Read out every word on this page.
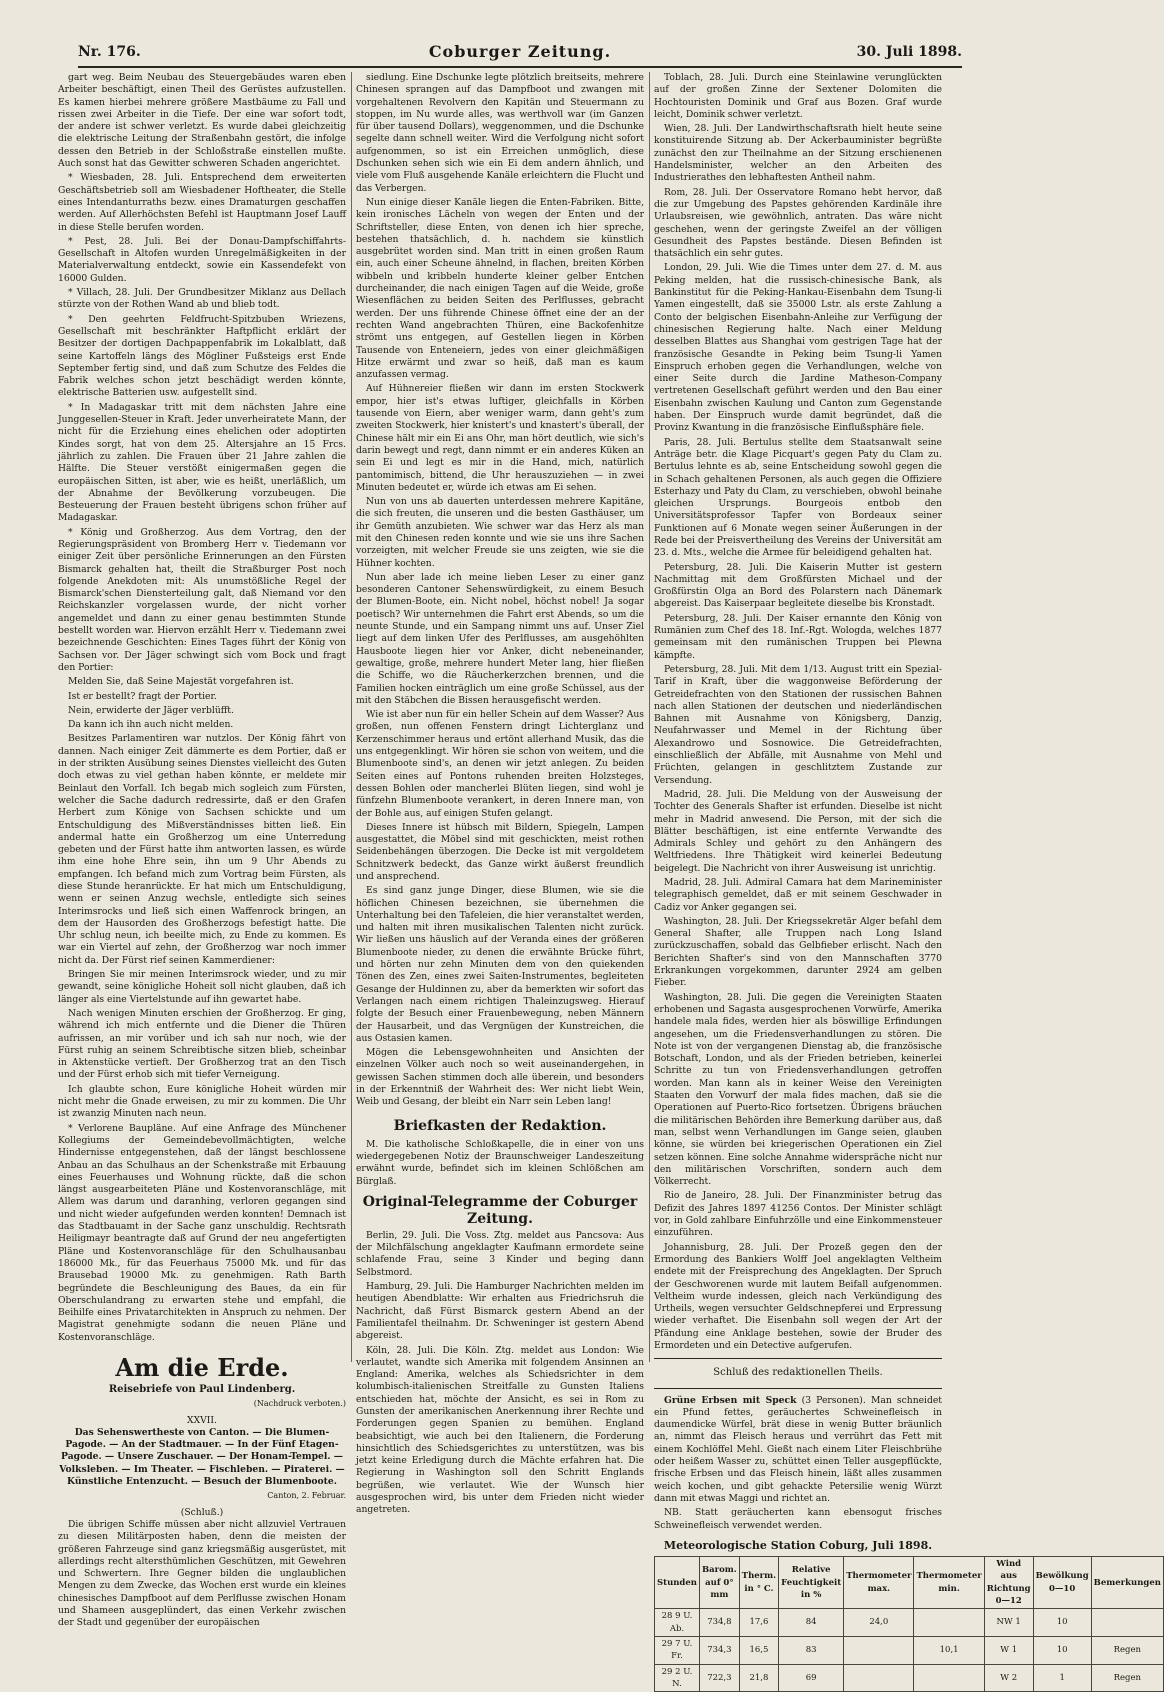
Nr. 176.	Coburger Zeitung.	30. Juli 1898.

gart weg. Beim Neubau des Steuergebäudes waren eben Arbeiter beschäftigt, einen Theil des Gerüstes aufzustellen. Es kamen hierbei mehrere größere Mastbäume zu Fall und rissen zwei Arbeiter in die Tiefe. Der eine war sofort todt, der andere ist schwer verletzt. Es wurde dabei gleichzeitig die elektrische Leitung der Straßenbahn gestört, die infolge dessen den Betrieb in der Schloßstraße einstellen mußte. Auch sonst hat das Gewitter schweren Schaden angerichtet.

* Wiesbaden, 28. Juli. Entsprechend dem erweiterten Geschäftsbetrieb soll am Wiesbadener Hoftheater, die Stelle eines Intendanturraths bezw. eines Dramaturgen geschaffen werden. Auf Allerhöchsten Befehl ist Hauptmann Josef Lauff in diese Stelle berufen worden.

* Pest, 28. Juli. Bei der Donau-Dampfschiffahrts-Gesellschaft in Altofen wurden Unregelmäßigkeiten in der Materialverwaltung entdeckt, sowie ein Kassendefekt von 16000 Gulden.

* Villach, 28. Juli. Der Grundbesitzer Miklanz aus Dellach stürzte von der Rothen Wand ab und blieb todt.

* Den geehrten Feldfrucht-Spitzbuben Wriezens, Gesellschaft mit beschränkter Haftpflicht erklärt der Besitzer der dortigen Dachpappenfabrik im Lokalblatt, daß seine Kartoffeln längs des Mögliner Fußsteigs erst Ende September fertig sind, und daß zum Schutze des Feldes die Fabrik welches schon jetzt beschädigt werden könnte, elektrische Batterien usw. aufgestellt sind.

* In Madagaskar tritt mit dem nächsten Jahre eine Junggesellen-Steuer in Kraft. Jeder unverheiratete Mann, der nicht für die Erziehung eines ehelichen oder adoptirten Kindes sorgt, hat von dem 25. Altersjahre an 15 Frcs. jährlich zu zahlen. Die Frauen über 21 Jahre zahlen die Hälfte. Die Steuer verstößt einigermaßen gegen die europäischen Sitten, ist aber, wie es heißt, unerläßlich, um der Abnahme der Bevölkerung vorzubeugen. Die Besteuerung der Frauen besteht übrigens schon früher auf Madagaskar.

* König und Großherzog. Aus dem Vortrag, den der Regierungspräsident von Bromberg Herr v. Tiedemann vor einiger Zeit über persönliche Erinnerungen an den Fürsten Bismarck gehalten hat, theilt die Straßburger Post noch folgende Anekdoten mit: Als unumstößliche Regel der Bismarck'schen Diensterteilung galt, daß Niemand vor den Reichskanzler vorgelassen wurde, der nicht vorher angemeldet und dann zu einer genau bestimmten Stunde bestellt worden war. Hiervon erzählt Herr v. Tiedemann zwei bezeichnende Geschichten: Eines Tages führt der König von Sachsen vor. Der Jäger schwingt sich vom Bock und fragt den Portier:

Melden Sie, daß Seine Majestät vorgefahren ist.

Ist er bestellt? fragt der Portier.

Nein, erwiderte der Jäger verblüfft.

Da kann ich ihn auch nicht melden.

Besitzes Parlamentiren war nutzlos. Der König fährt von dannen. Nach einiger Zeit dämmerte es dem Portier, daß er in der strikten Ausübung seines Dienstes vielleicht des Guten doch etwas zu viel gethan haben könnte, er meldete mir Beinlaut den Vorfall. Ich begab mich sogleich zum Fürsten, welcher die Sache dadurch redressirte, daß er den Grafen Herbert zum Könige von Sachsen schickte und um Entschuldigung des Mißverständnisses bitten ließ. Ein andermal hatte ein Großherzog um eine Unterredung gebeten und der Fürst hatte ihm antworten lassen, es würde ihm eine hohe Ehre sein, ihn um 9 Uhr Abends zu empfangen. Ich befand mich zum Vortrag beim Fürsten, als diese Stunde heranrückte. Er hat mich um Entschuldigung, wenn er seinen Anzug wechsle, entledigte sich seines Interimsrocks und ließ sich einen Waffenrock bringen, an dem der Hausorden des Großherzogs befestigt hatte. Die Uhr schlug neun, ich beeilte mich, zu Ende zu kommen. Es war ein Viertel auf zehn, der Großherzog war noch immer nicht da. Der Fürst rief seinen Kammerdiener:

Bringen Sie mir meinen Interimsrock wieder, und zu mir gewandt, seine königliche Hoheit soll nicht glauben, daß ich länger als eine Viertelstunde auf ihn gewartet habe.

Nach wenigen Minuten erschien der Großherzog. Er ging, während ich mich entfernte und die Diener die Thüren aufrissen, an mir vorüber und ich sah nur noch, wie der Fürst ruhig an seinem Schreibtische sitzen blieb, scheinbar in Aktenstücke vertieft. Der Großherzog trat an den Tisch und der Fürst erhob sich mit tiefer Verneigung.

Ich glaubte schon, Eure königliche Hoheit würden mir nicht mehr die Gnade erweisen, zu mir zu kommen. Die Uhr ist zwanzig Minuten nach neun.

* Verlorene Baupläne. Auf eine Anfrage des Münchener Kollegiums der Gemeindebevollmächtigten, welche Hindernisse entgegenstehen, daß der längst beschlossene Anbau an das Schulhaus an der Schenkstraße mit Erbauung eines Feuerhauses und Wohnung rückte, daß die schon längst ausgearbeiteten Pläne und Kostenvoranschläge, mit Allem was darum und daranhing, verloren gegangen sind und nicht wieder aufgefunden werden konnten! Demnach ist das Stadtbauamt in der Sache ganz unschuldig. Rechtsrath Heiligmayr beantragte daß auf Grund der neu angefertigten Pläne und Kostenvoranschläge für den Schulhausanbau 186000 Mk., für das Feuerhaus 75000 Mk. und für das Brausebad 19000 Mk. zu genehmigen. Rath Barth begründete die Beschleunigung des Baues, da ein für Oberschulandrang zu erwarten stehe und empfahl, die Beihilfe eines Privatarchitekten in Anspruch zu nehmen. Der Magistrat genehmigte sodann die neuen Pläne und Kostenvoranschläge.

Am die Erde.
Reisebriefe von Paul Lindenberg.
(Nachdruck verboten.)
XXVII.

Das Sehenswertheste von Canton. — Die Blumen-Pagode. — An der Stadtmauer. — In der Fünf Etagen-Pagode. — Unsere Zuschauer. — Der Honam-Tempel. — Volksleben. — Im Theater. — Fischleben. — Piraterei. — Künstliche Entenzucht. — Besuch der Blumenboote.

Canton, 2. Februar.
(Schluß.)

Die übrigen Schiffe müssen aber nicht allzuviel Vertrauen zu diesen Militärposten haben, denn die meisten der größeren Fahrzeuge sind ganz kriegsmäßig ausgerüstet, mit allerdings recht altersthümlichen Geschützen, mit Gewehren und Schwertern. Ihre Gegner bilden die unglaublichen Mengen zu dem Zwecke, das Wochen erst wurde ein kleines chinesisches Dampfboot auf dem Perlflusse zwischen Honam und Shameen ausgeplündert, das einen Verkehr zwischen der Stadt und gegenüber der europäischen

siedlung. Eine Dschunke legte plötzlich breitseits, mehrere Chinesen sprangen auf das Dampfboot und zwangen mit vorgehaltenen Revolvern den Kapitän und Steuermann zu stoppen, im Nu wurde alles, was werthvoll war (im Ganzen für über tausend Dollars), weggenommen, und die Dschunke segelte dann schnell weiter. Wird die Verfolgung nicht sofort aufgenommen, so ist ein Erreichen unmöglich, diese Dschunken sehen sich wie ein Ei dem andern ähnlich, und viele vom Fluß ausgehende Kanäle erleichtern die Flucht und das Verbergen.

Nun einige dieser Kanäle liegen die Enten-Fabriken. Bitte, kein ironisches Lächeln von wegen der Enten und der Schriftsteller, diese Enten, von denen ich hier spreche, bestehen thatsächlich, d. h. nachdem sie künstlich ausgebrütet worden sind. Man tritt in einen großen Raum ein, auch einer Scheune ähnelnd, in flachen, breiten Körben wibbeln und kribbeln hunderte kleiner gelber Entchen durcheinander, die nach einigen Tagen auf die Weide, große Wiesenflächen zu beiden Seiten des Perlflusses, gebracht werden. Der uns führende Chinese öffnet eine der an der rechten Wand angebrachten Thüren, eine Backofenhitze strömt uns entgegen, auf Gestellen liegen in Körben Tausende von Enteneiern, jedes von einer gleichmäßigen Hitze erwärmt und zwar so heiß, daß man es kaum anzufassen vermag.

Auf Hühnereier fließen wir dann im ersten Stockwerk empor, hier ist's etwas luftiger, gleichfalls in Körben tausende von Eiern, aber weniger warm, dann geht's zum zweiten Stockwerk, hier knistert's und knastert's überall, der Chinese hält mir ein Ei ans Ohr, man hört deutlich, wie sich's darin bewegt und regt, dann nimmt er ein anderes Küken an sein Ei und legt es mir in die Hand, mich, natürlich pantomimisch, bittend, die Uhr herauszuziehen — in zwei Minuten bedeutet er, würde ich etwas am Ei sehen.

Nun von uns ab dauerten unterdessen mehrere Kapitäne, die sich freuten, die unseren und die besten Gasthäuser, um ihr Gemüth anzubieten. Wie schwer war das Herz als man mit den Chinesen reden konnte und wie sie uns ihre Sachen vorzeigten, mit welcher Freude sie uns zeigten, wie sie die Hühner kochten.

Nun aber lade ich meine lieben Leser zu einer ganz besonderen Cantoner Sehenswürdigkeit, zu einem Besuch der Blumen-Boote, ein. Nicht nobel, höchst nobel! Ja sogar poetisch? Wir unternehmen die Fahrt erst Abends, so um die neunte Stunde, und ein Sampang nimmt uns auf. Unser Ziel liegt auf dem linken Ufer des Perlflusses, am ausgehöhlten Hausboote liegen hier vor Anker, dicht nebeneinander, gewaltige, große, mehrere hundert Meter lang, hier fließen die Schiffe, wo die Räucherkerzchen brennen, und die Familien hocken einträglich um eine große Schüssel, aus der mit den Stäbchen die Bissen herausgefischt werden.

Wie ist aber nun für ein heller Schein auf dem Wasser? Aus großen, nun offenen Fenstern dringt Lichterglanz und Kerzenschimmer heraus und ertönt allerhand Musik, das die uns entgegenklingt. Wir hören sie schon von weitem, und die Blumenboote sind's, an denen wir jetzt anlegen. Zu beiden Seiten eines auf Pontons ruhenden breiten Holzsteges, dessen Bohlen oder mancherlei Blüten liegen, sind wohl je fünfzehn Blumenboote verankert, in deren Innere man, von der Bohle aus, auf einigen Stufen gelangt.

Dieses Innere ist hübsch mit Bildern, Spiegeln, Lampen ausgestattet, die Möbel sind mit geschickten, meist rothen Seidenbehängen überzogen. Die Decke ist mit vergoldetem Schnitzwerk bedeckt, das Ganze wirkt äußerst freundlich und ansprechend.

Es sind ganz junge Dinger, diese Blumen, wie sie die höflichen Chinesen bezeichnen, sie übernehmen die Unterhaltung bei den Tafeleien, die hier veranstaltet werden, und halten mit ihren musikalischen Talenten nicht zurück. Wir ließen uns häuslich auf der Veranda eines der größeren Blumenboote nieder, zu denen die erwähnte Brücke führt, und hörten nur zehn Minuten dem von den quiekenden Tönen des Zen, eines zwei Saiten-Instrumentes, begleiteten Gesange der Huldinnen zu, aber da bemerkten wir sofort das Verlangen nach einem richtigen Thaleinzugsweg. Hierauf folgte der Besuch einer Frauenbewegung, neben Männern der Hausarbeit, und das Vergnügen der Kunstreichen, die aus Ostasien kamen.

Mögen die Lebensgewohnheiten und Ansichten der einzelnen Völker auch noch so weit auseinandergehen, in gewissen Sachen stimmen doch alle überein, und besonders in der Erkenntniß der Wahrheit des: Wer nicht liebt Wein, Weib und Gesang, der bleibt ein Narr sein Leben lang!

Briefkasten der Redaktion.

M. Die katholische Schloßkapelle, die in einer von uns wiedergegebenen Notiz der Braunschweiger Landeszeitung erwähnt wurde, befindet sich im kleinen Schlößchen am Bürglaß.

Original-Telegramme der Coburger Zeitung.

Berlin, 29. Juli. Die Voss. Ztg. meldet aus Pancsova: Aus der Milchfälschung angeklagter Kaufmann ermordete seine schlafende Frau, seine 3 Kinder und beging dann Selbstmord.

Hamburg, 29. Juli. Die Hamburger Nachrichten melden im heutigen Abendblatte: Wir erhalten aus Friedrichsruh die Nachricht, daß Fürst Bismarck gestern Abend an der Familientafel theilnahm. Dr. Schweninger ist gestern Abend abgereist.

Köln, 28. Juli. Die Köln. Ztg. meldet aus London: Wie verlautet, wandte sich Amerika mit folgendem Ansinnen an England: Amerika, welches als Schiedsrichter in dem kolumbisch-italienischen Streitfalle zu Gunsten Italiens entschieden hat, möchte der Ansicht, es sei in Rom zu Gunsten der amerikanischen Anerkennung ihrer Rechte und Forderungen gegen Spanien zu bemühen. England beabsichtigt, wie auch bei den Italienern, die Forderung hinsichtlich des Schiedsgerichtes zu unterstützen, was bis jetzt keine Erledigung durch die Mächte erfahren hat. Die Regierung in Washington soll den Schritt Englands begrüßen, wie verlautet. Wie der Wunsch hier ausgesprochen wird, bis unter dem Frieden nicht wieder angetreten.

Toblach, 28. Juli. Durch eine Steinlawine verunglückten auf der großen Zinne der Sextener Dolomiten die Hochtouristen Dominik und Graf aus Bozen. Graf wurde leicht, Dominik schwer verletzt.

Wien, 28. Juli. Der Landwirthschaftsrath hielt heute seine konstituirende Sitzung ab. Der Ackerbauminister begrüßte zunächst den zur Theilnahme an der Sitzung erschienenen Handelsminister, welcher an den Arbeiten des Industrierathes den lebhaftesten Antheil nahm.

Rom, 28. Juli. Der Osservatore Romano hebt hervor, daß die zur Umgebung des Papstes gehörenden Kardinäle ihre Urlaubsreisen, wie gewöhnlich, antraten. Das wäre nicht geschehen, wenn der geringste Zweifel an der völligen Gesundheit des Papstes bestände. Diesen Befinden ist thatsächlich ein sehr gutes.

London, 29. Juli. Wie die Times unter dem 27. d. M. aus Peking melden, hat die russisch-chinesische Bank, als Bankinstitut für die Peking-Hankau-Eisenbahn dem Tsung-li Yamen eingestellt, daß sie 35000 Lstr. als erste Zahlung a Conto der belgischen Eisenbahn-Anleihe zur Verfügung der chinesischen Regierung halte. Nach einer Meldung desselben Blattes aus Shanghai vom gestrigen Tage hat der französische Gesandte in Peking beim Tsung-li Yamen Einspruch erhoben gegen die Verhandlungen, welche von einer Seite durch die Jardine Matheson-Company vertretenen Gesellschaft geführt werden und den Bau einer Eisenbahn zwischen Kaulung und Canton zum Gegenstande haben. Der Einspruch wurde damit begründet, daß die Provinz Kwantung in die französische Einflußsphäre fiele.

Paris, 28. Juli. Bertulus stellte dem Staatsanwalt seine Anträge betr. die Klage Picquart's gegen Paty du Clam zu. Bertulus lehnte es ab, seine Entscheidung sowohl gegen die in Schach gehaltenen Personen, als auch gegen die Offiziere Esterhazy und Paty du Clam, zu verschieben, obwohl beinahe gleichen Ursprungs. Bourgeois entbob den Universitätsprofessor Tapfer von Bordeaux seiner Funktionen auf 6 Monate wegen seiner Äußerungen in der Rede bei der Preisvertheilung des Vereins der Universität am 23. d. Mts., welche die Armee für beleidigend gehalten hat.

Petersburg, 28. Juli. Die Kaiserin Mutter ist gestern Nachmittag mit dem Großfürsten Michael und der Großfürstin Olga an Bord des Polarstern nach Dänemark abgereist. Das Kaiserpaar begleitete dieselbe bis Kronstadt.

Petersburg, 28. Juli. Der Kaiser ernannte den König von Rumänien zum Chef des 18. Inf.-Rgt. Wologda, welches 1877 gemeinsam mit den rumänischen Truppen bei Plewna kämpfte.

Petersburg, 28. Juli. Mit dem 1/13. August tritt ein Spezial-Tarif in Kraft, über die waggonweise Beförderung der Getreidefrachten von den Stationen der russischen Bahnen nach allen Stationen der deutschen und niederländischen Bahnen mit Ausnahme von Königsberg, Danzig, Neufahrwasser und Memel in der Richtung über Alexandrowo und Sosnowice. Die Getreidefrachten, einschließlich der Abfälle, mit Ausnahme von Mehl und Früchten, gelangen in geschlitztem Zustande zur Versendung.

Madrid, 28. Juli. Die Meldung von der Ausweisung der Tochter des Generals Shafter ist erfunden. Dieselbe ist nicht mehr in Madrid anwesend. Die Person, mit der sich die Blätter beschäftigen, ist eine entfernte Verwandte des Admirals Schley und gehört zu den Anhängern des Weltfriedens. Ihre Thätigkeit wird keinerlei Bedeutung beigelegt. Die Nachricht von ihrer Ausweisung ist unrichtig.

Madrid, 28. Juli. Admiral Camara hat dem Marineminister telegraphisch gemeldet, daß er mit seinem Geschwader in Cadiz vor Anker gegangen sei.

Washington, 28. Juli. Der Kriegssekretär Alger befahl dem General Shafter, alle Truppen nach Long Island zurückzuschaffen, sobald das Gelbfieber erlischt. Nach den Berichten Shafter's sind von den Mannschaften 3770 Erkrankungen vorgekommen, darunter 2924 am gelben Fieber.

Washington, 28. Juli. Die gegen die Vereinigten Staaten erhobenen und Sagasta ausgesprochenen Vorwürfe, Amerika handele mala fides, werden hier als böswillige Erfindungen angesehen, um die Friedensverhandlungen zu stören. Die Note ist von der vergangenen Dienstag ab, die französische Botschaft, London, und als der Frieden betrieben, keinerlei Schritte zu tun von Friedensverhandlungen getroffen worden. Man kann als in keiner Weise den Vereinigten Staaten den Vorwurf der mala fides machen, daß sie die Operationen auf Puerto-Rico fortsetzen. Übrigens bräuchen die militärischen Behörden ihre Bemerkung darüber aus, daß man, selbst wenn Verhandlungen im Gange seien, glauben könne, sie würden bei kriegerischen Operationen ein Ziel setzen können. Eine solche Annahme widerspräche nicht nur den militärischen Vorschriften, sondern auch dem Völkerrecht.

Rio de Janeiro, 28. Juli. Der Finanzminister betrug das Defizit des Jahres 1897 41256 Contos. Der Minister schlägt vor, in Gold zahlbare Einfuhrzölle und eine Einkommensteuer einzuführen.

Johannisburg, 28. Juli. Der Prozeß gegen den der Ermordung des Bankiers Wolff Joel angeklagten Veltheim endete mit der Freisprechung des Angeklagten. Der Spruch der Geschworenen wurde mit lautem Beifall aufgenommen. Veltheim wurde indessen, gleich nach Verkündigung des Urtheils, wegen versuchter Geldschnepferei und Erpressung wieder verhaftet. Die Eisenbahn soll wegen der Art der Pfändung eine Anklage bestehen, sowie der Bruder des Ermordeten und ein Detective aufgerufen.

Schluß des redaktionellen Theils.

Grüne Erbsen mit Speck (3 Personen). Man schneidet ein Pfund fettes, geräuchertes Schweinefleisch in daumendicke Würfel, brät diese in wenig Butter bräunlich an, nimmt das Fleisch heraus und verrührt das Fett mit einem Kochlöffel Mehl. Gießt nach einem Liter Fleischbrühe oder heißem Wasser zu, schüttet einen Teller ausgepflückte, frische Erbsen und das Fleisch hinein, läßt alles zusammen weich kochen, und gibt gehackte Petersilie wenig Würzt dann mit etwas Maggi und richtet an.

NB. Statt geräucherten kann ebensogut frisches Schweinefleisch verwendet werden.

Meteorologische Station Coburg, Juli 1898.
Stunden	Barom. auf 0° mm	Therm. in ° C.	Relative Feuchtigkeit in %	Thermometer max.	Thermometer min.	Wind aus Richtung 0—12	Bewölkung 0—10	Bemerkungen
28 9 U. Ab.	734,8	17,6	84	24,0		NW 1	10	
29 7 U. Fr.	734,3	16,5	83		10,1	W 1	10	Regen
29 2 U. N.	722,3	21,8	69			W 2	1	Regen
